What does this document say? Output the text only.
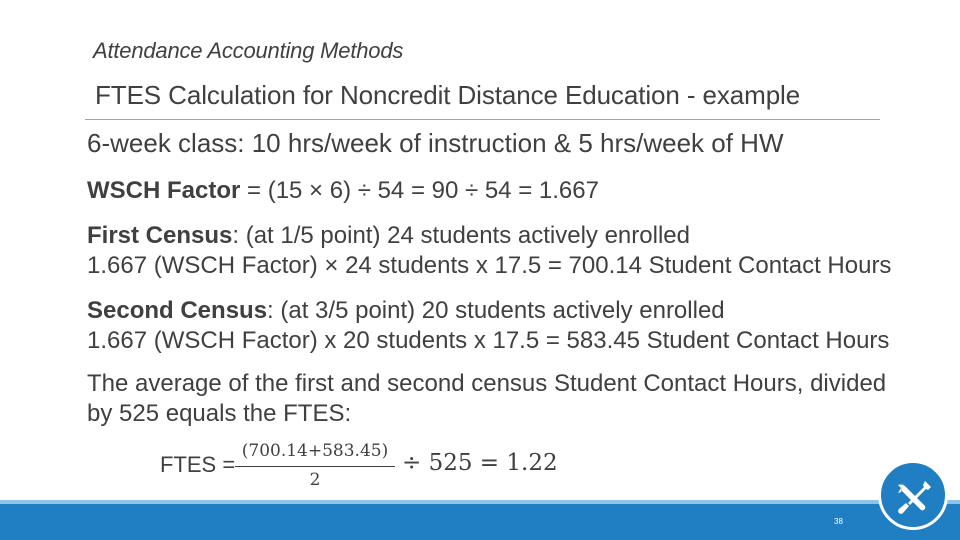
Attendance Accounting Methods
FTES Calculation for Noncredit Distance Education - example
6-week class: 10 hrs/week of instruction & 5 hrs/week of HW
WSCH Factor = (15 × 6) ÷ 54 = 90 ÷ 54 = 1.667
First Census: (at 1/5 point) 24 students actively enrolled
1.667 (WSCH Factor) × 24 students x 17.5 = 700.14 Student Contact Hours
Second Census: (at 3/5 point) 20 students actively enrolled
1.667 (WSCH Factor) x 20 students x 17.5 = 583.45 Student Contact Hours
The average of the first and second census Student Contact Hours, divided
by 525 equals the FTES:
FTES =
(700.14+583.45)
2
÷ 525 = 1.22
38
